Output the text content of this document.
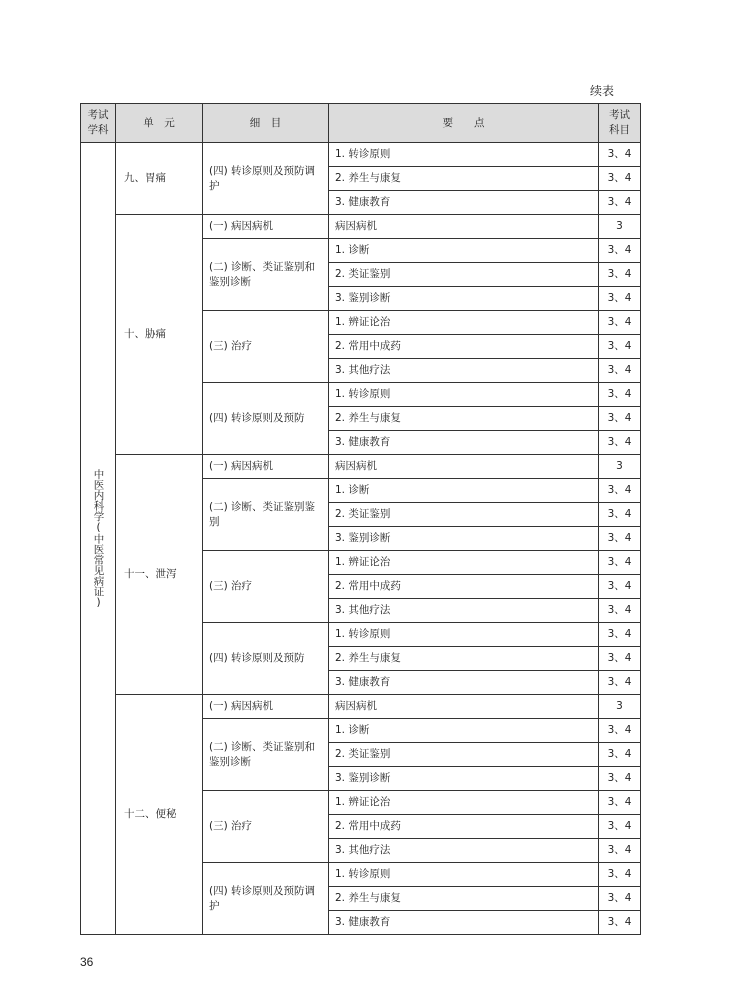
续表
考试学科	单　元	细　目	要　　点	考试科目
中医内科学(中医常见病证)	九、胃痛	(四) 转诊原则及预防调护	1. 转诊原则	3、4
			2. 养生与康复	3、4
			3. 健康教育	3、4
	十、胁痛	(一) 病因病机	病因病机	3
		(二) 诊断、类证鉴别和鉴别诊断	1. 诊断	3、4
			2. 类证鉴别	3、4
			3. 鉴别诊断	3、4
		(三) 治疗	1. 辨证论治	3、4
			2. 常用中成药	3、4
			3. 其他疗法	3、4
		(四) 转诊原则及预防	1. 转诊原则	3、4
			2. 养生与康复	3、4
			3. 健康教育	3、4
	十一、泄泻	(一) 病因病机	病因病机	3
		(二) 诊断、类证鉴别鉴别	1. 诊断	3、4
			2. 类证鉴别	3、4
			3. 鉴别诊断	3、4
		(三) 治疗	1. 辨证论治	3、4
			2. 常用中成药	3、4
			3. 其他疗法	3、4
		(四) 转诊原则及预防	1. 转诊原则	3、4
			2. 养生与康复	3、4
			3. 健康教育	3、4
	十二、便秘	(一) 病因病机	病因病机	3
		(二) 诊断、类证鉴别和鉴别诊断	1. 诊断	3、4
			2. 类证鉴别	3、4
			3. 鉴别诊断	3、4
		(三) 治疗	1. 辨证论治	3、4
			2. 常用中成药	3、4
			3. 其他疗法	3、4
		(四) 转诊原则及预防调护	1. 转诊原则	3、4
			2. 养生与康复	3、4
			3. 健康教育	3、4
36
